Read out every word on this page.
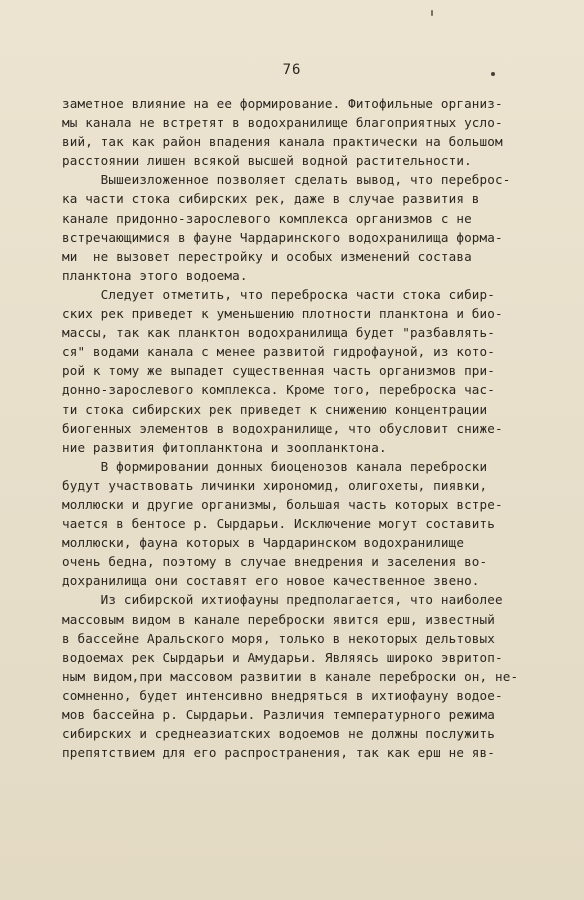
76
заметное влияние на ее формирование. Фитофильные организ-
мы канала не встретят в водохранилище благоприятных усло-
вий, так как район впадения канала практически на большом
расстоянии лишен всякой высшей водной растительности.
Вышеизложенное позволяет сделать вывод, что переброс-
ка части стока сибирских рек, даже в случае развития в
канале придонно-зарослевого комплекса организмов с не
встречающимися в фауне Чардаринского водохранилища форма-
ми  не вызовет перестройку и особых изменений состава
планктона этого водоема.
Следует отметить, что переброска части стока сибир-
ских рек приведет к уменьшению плотности планктона и био-
массы, так как планктон водохранилища будет "разбавлять-
ся" водами канала с менее развитой гидрофауной, из кото-
рой к тому же выпадет существенная часть организмов при-
донно-зарослевого комплекса. Кроме того, переброска час-
ти стока сибирских рек приведет к снижению концентрации
биогенных элементов в водохранилище, что обусловит сниже-
ние развития фитопланктона и зоопланктона.
В формировании донных биоценозов канала переброски
будут участвовать личинки хирономид, олигохеты, пиявки,
моллюски и другие организмы, большая часть которых встре-
чается в бентосе р. Сырдарьи. Исключение могут составить
моллюски, фауна которых в Чардаринском водохранилище
очень бедна, поэтому в случае внедрения и заселения во-
дохранилища они составят его новое качественное звено.
Из сибирской ихтиофауны предполагается, что наиболее
массовым видом в канале переброски явится ерш, известный
в бассейне Аральского моря, только в некоторых дельтовых
водоемах рек Сырдарьи и Амударьи. Являясь широко эвритоп-
ным видом,при массовом развитии в канале переброски он, не-
сомненно, будет интенсивно внедряться в ихтиофауну водое-
мов бассейна р. Сырдарьи. Различия температурного режима
сибирских и среднеазиатских водоемов не должны послужить
препятствием для его распространения, так как ерш не яв-
